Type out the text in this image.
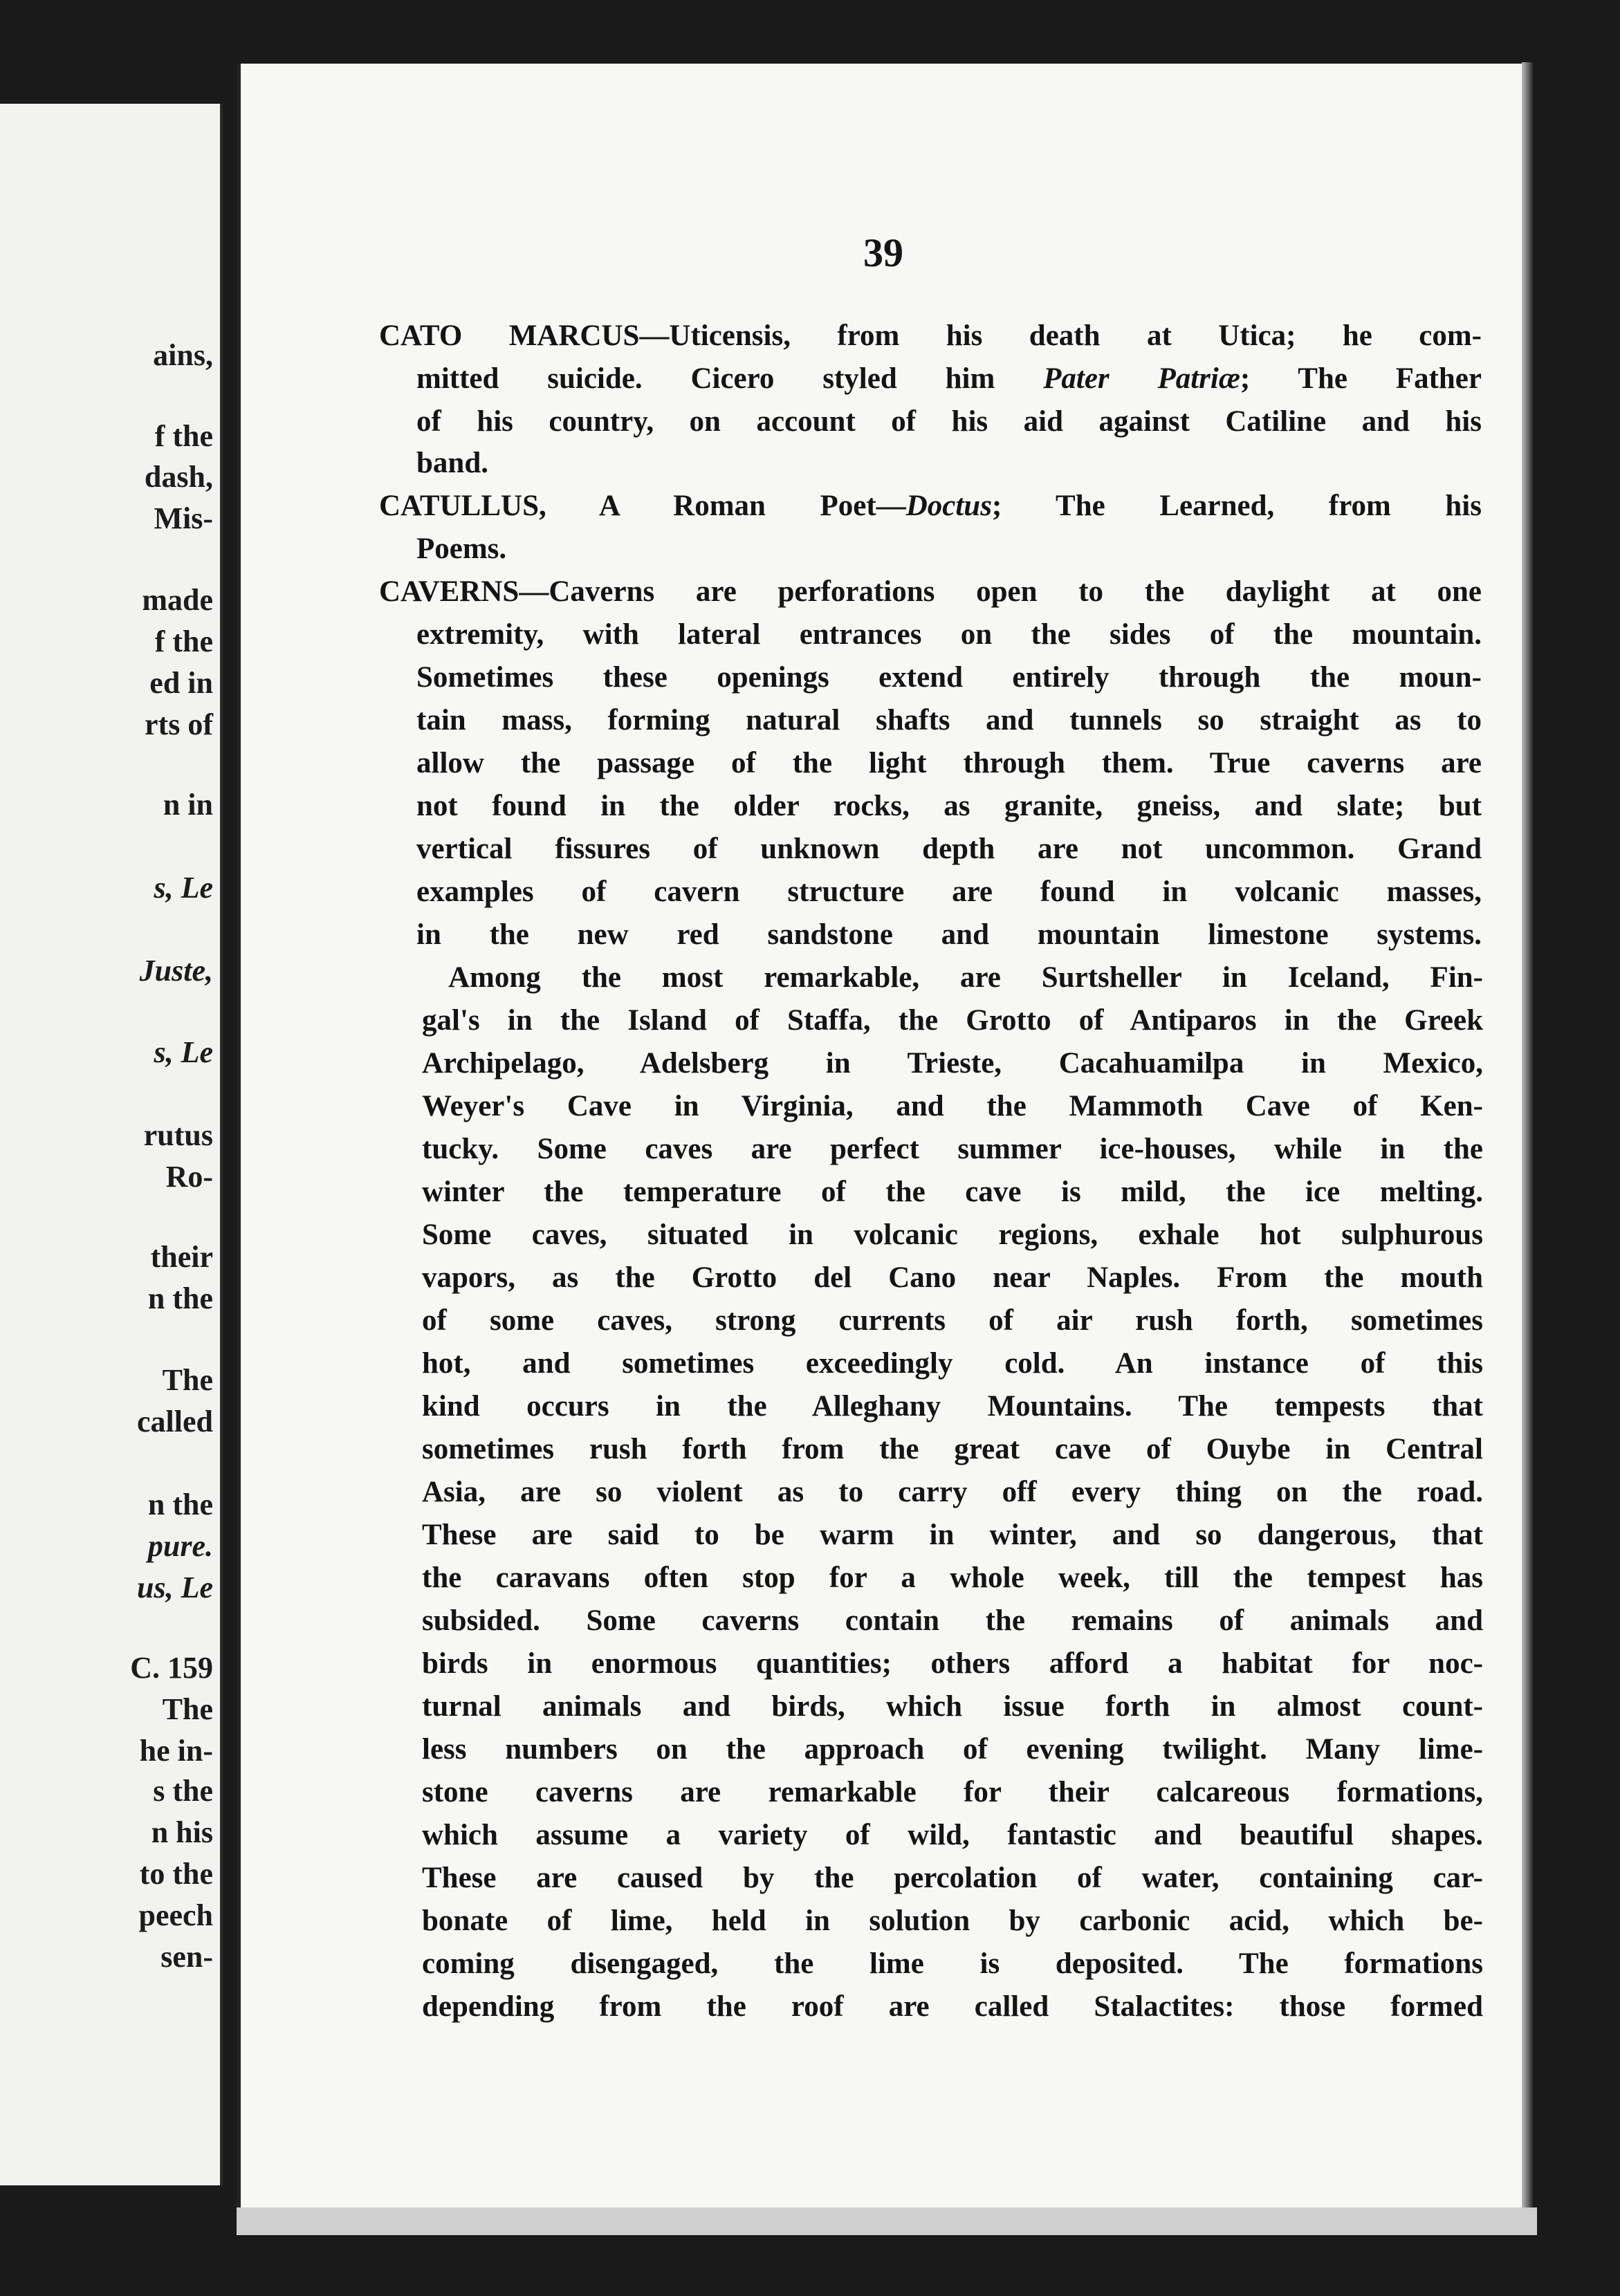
ains,
f the
dash,
Mis-
made
f the
ed in
rts of
n in
s, Le
Juste,
s, Le
rutus
Ro-
their
n the
The
called
n the
pure.
us, Le
C. 159
The
he in-
s the
n his
to the
peech
sen-
39
CATO MARCUS—Uticensis, from his death at Utica; he com-
mitted suicide. Cicero styled him Pater Patriæ; The Father
of his country, on account of his aid against Catiline and his
band.
CATULLUS, A Roman Poet—Doctus; The Learned, from his
Poems.
CAVERNS—Caverns are perforations open to the daylight at one
extremity, with lateral entrances on the sides of the mountain.
Sometimes these openings extend entirely through the moun-
tain mass, forming natural shafts and tunnels so straight as to
allow the passage of the light through them. True caverns are
not found in the older rocks, as granite, gneiss, and slate; but
vertical fissures of unknown depth are not uncommon. Grand
examples of cavern structure are found in volcanic masses,
in the new red sandstone and mountain limestone systems.
Among the most remarkable, are Surtsheller in Iceland, Fin-
gal's in the Island of Staffa, the Grotto of Antiparos in the Greek
Archipelago, Adelsberg in Trieste, Cacahuamilpa in Mexico,
Weyer's Cave in Virginia, and the Mammoth Cave of Ken-
tucky. Some caves are perfect summer ice-houses, while in the
winter the temperature of the cave is mild, the ice melting.
Some caves, situated in volcanic regions, exhale hot sulphurous
vapors, as the Grotto del Cano near Naples. From the mouth
of some caves, strong currents of air rush forth, sometimes
hot, and sometimes exceedingly cold. An instance of this
kind occurs in the Alleghany Mountains. The tempests that
sometimes rush forth from the great cave of Ouybe in Central
Asia, are so violent as to carry off every thing on the road.
These are said to be warm in winter, and so dangerous, that
the caravans often stop for a whole week, till the tempest has
subsided. Some caverns contain the remains of animals and
birds in enormous quantities; others afford a habitat for noc-
turnal animals and birds, which issue forth in almost count-
less numbers on the approach of evening twilight. Many lime-
stone caverns are remarkable for their calcareous formations,
which assume a variety of wild, fantastic and beautiful shapes.
These are caused by the percolation of water, containing car-
bonate of lime, held in solution by carbonic acid, which be-
coming disengaged, the lime is deposited. The formations
depending from the roof are called Stalactites: those formed
